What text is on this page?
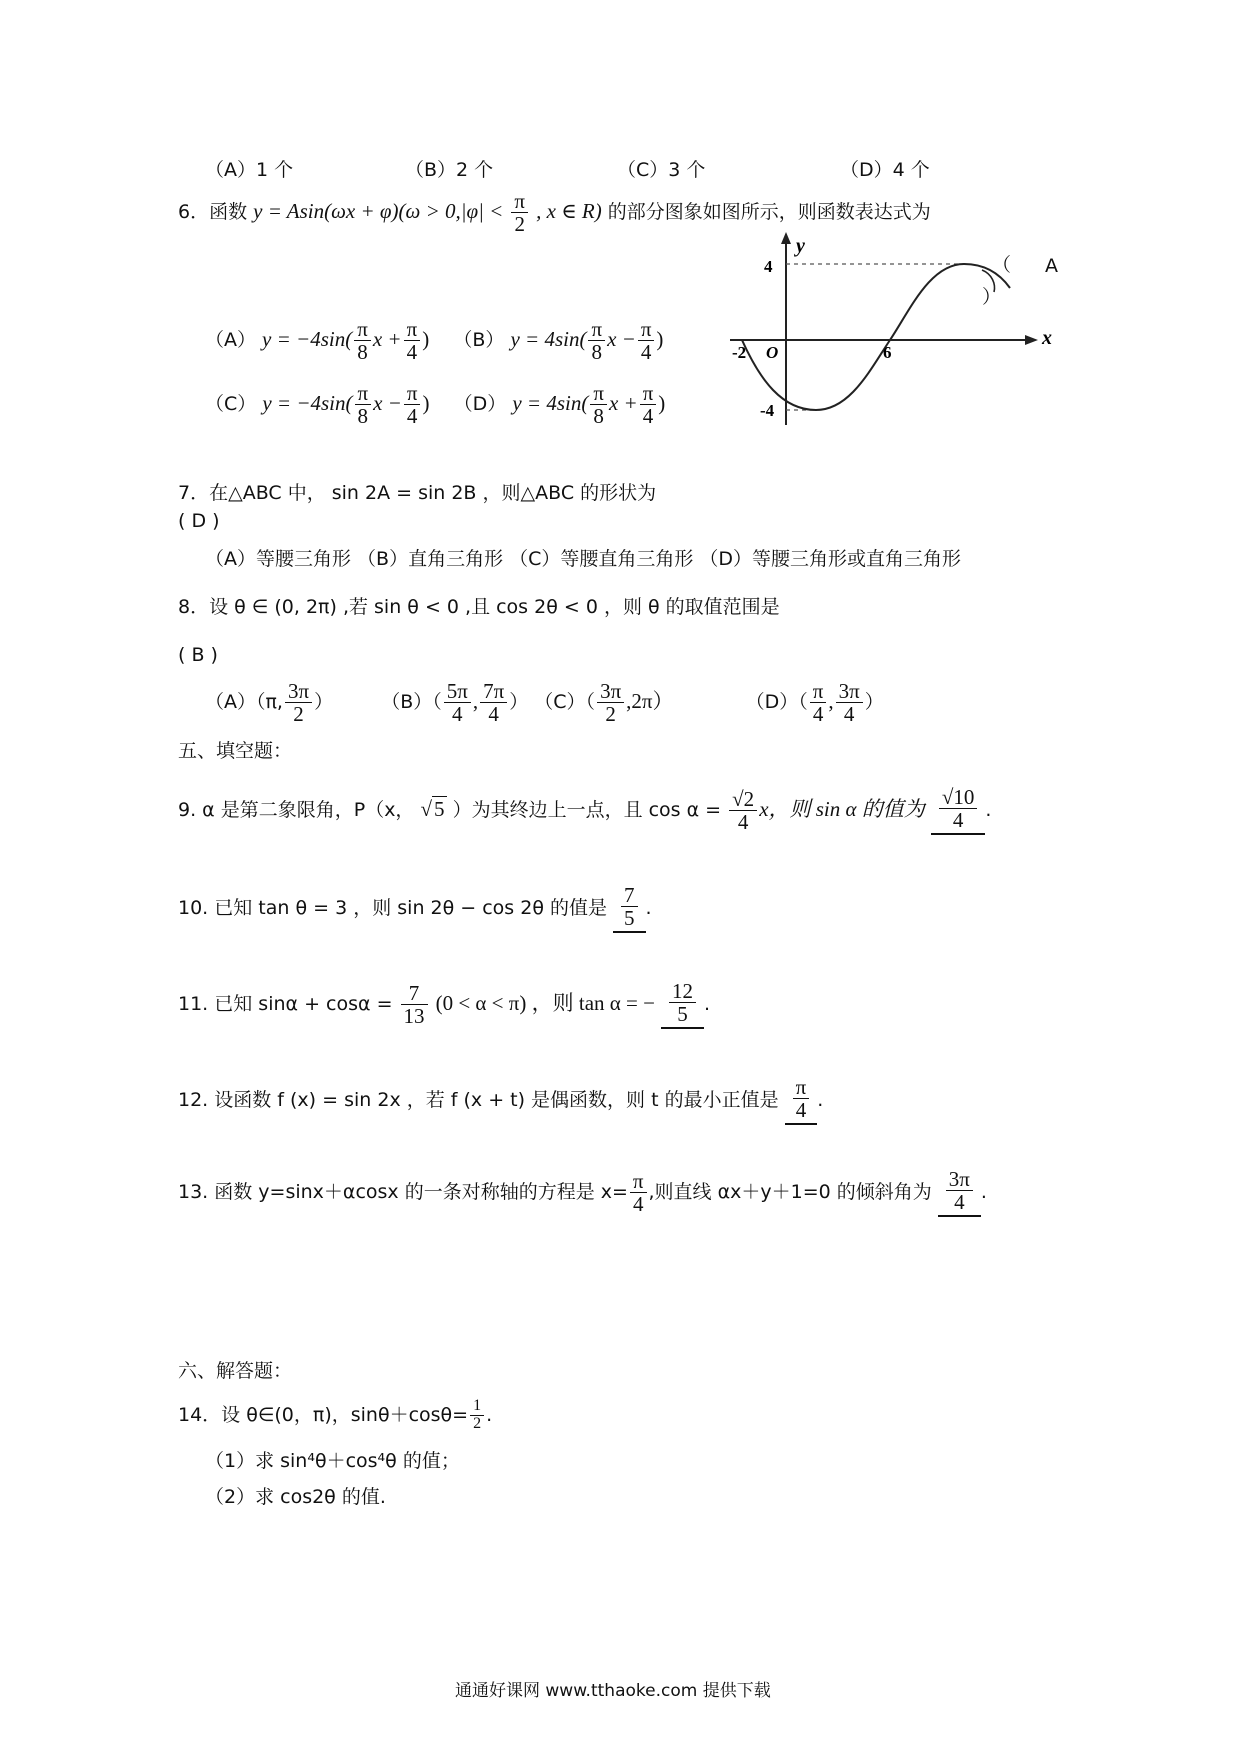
（A）1 个	（B）2 个	（C）3 个	（D）4 个
6．函数 $y = Asin(\omega x + \varphi)(\omega > 0,|\varphi| < \frac{\pi}{2}$ , x ∈ R) 的部分图象如图所示，则函数表达式为
（ A
）
（A） $y = -4\sin( \frac{\pi}{8}$ $x + \frac{\pi}{4}$ ) （B） $y = 4\sin( \frac{\pi}{8}$ $x - \frac{\pi}{4}$ )
（C） $y = -4\sin( \frac{\pi}{8}$ $x - \frac{\pi}{4}$ ) （D） $y = 4\sin( \frac{\pi}{8}$ $x + \frac{\pi}{4}$ )
y
x
4
-4
-2 O	6
7．在△ABC 中， sin 2A = sin 2B ，则△ABC 的形状为
( D )
（A）等腰三角形 （B）直角三角形 （C）等腰直角三角形 （D）等腰三角形或直角三角形
8．设 θ ∈ (0, 2π) ,若 sin θ < 0 ,且 cos 2θ < 0 ，则 θ 的取值范围是
( B )
（A）（π, $\frac{3\pi}{2}$ ）	$(B)( \frac{5\pi}{4}$ , $\frac{7\pi}{4}$ ） $(C)( \frac{3\pi}{2} ,2\pi)$	$(D)( \frac{\pi}{4}$ , $\frac{3\pi}{4}$ ）
五、填空题：
9. α 是第二象限角，P（x， √5 ）为其终边上一点，且 $\cos \alpha = \frac{√2}{4}$ x，则 sin α 的值为 $\frac{√10}{4}$ .
10. 已知 tan θ = 3 ，则 sin 2θ − cos 2θ 的值是 $\frac{7}{5}$ .
11. 已知 $\sin\alpha + \cos\alpha = \frac{7}{13} (0 < \alpha < \pi)$ ，则 tan α = − $\frac{12}{5}$ .
12. 设函数 f (x) = sin 2x ，若 f (x + t) 是偶函数，则 t 的最小正值是 $\frac{\pi}{4}$ .
13. 函数 y=sinx＋αcosx 的一条对称轴的方程是 $x= \frac{\pi}{4}$ ,则直线 αx＋y＋1=0 的倾斜角为 $\frac{3\pi}{4}$ .
六、解答题：
14．设 θ∈(0，π)，$\sin\theta+\cos\theta= \frac{1}{2}$ .
（1）求 sin⁴θ＋cos⁴θ 的值；
（2）求 cos2θ 的值.
通通好课网 www.tthaoke.com 提供下载
